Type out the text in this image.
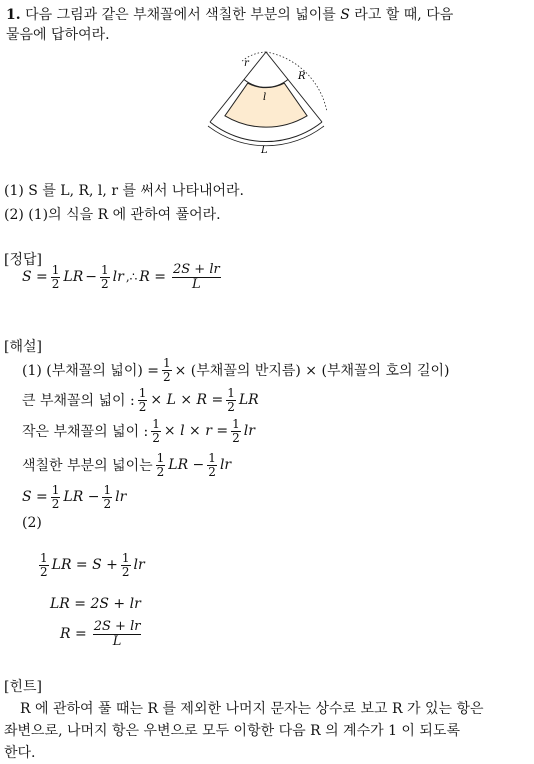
1. 다음 그림과 같은 부채꼴에서 색칠한 부분의 넓이를 S 라고 할 때, 다음
물음에 답하여라.
r
R
l
L
(1) S 를 L, R, l, r 를 써서 나타내어라.
(2) (1)의 식을 R 에 관하여 풀어라.
[정답]
$S = \frac{1}{2}$ LR − $\frac{1}{2}$ lr ,∴ $R = \frac{2S + lr}{L}$
[해설]
(1) (부채꼴의 넓이) = $\frac{1}{2}$ × (부채꼴의 반지름) × (부채꼴의 호의 길이)
큰 부채꼴의 넓이 : $\frac{1}{2} \times L \times R = \frac{1}{2}$ LR
작은 부채꼴의 넓이 : $\frac{1}{2} \times l \times r = \frac{1}{2}$ lr
색칠한 부분의 넓이는 $\frac{1}{2}$ LR − $\frac{1}{2}$ lr
$S = \frac{1}{2}$ LR − $\frac{1}{2}$ lr
(2)
$\frac{1}{2}$ LR = $S + \frac{1}{2}$ lr
LR = 2S + lr
$R = \frac{2S + lr}{L}$
[힌트]
R 에 관하여 풀 때는 R 를 제외한 나머지 문자는 상수로 보고 R 가 있는 항은
좌변으로, 나머지 항은 우변으로 모두 이항한 다음 R 의 계수가 1 이 되도록
한다.
